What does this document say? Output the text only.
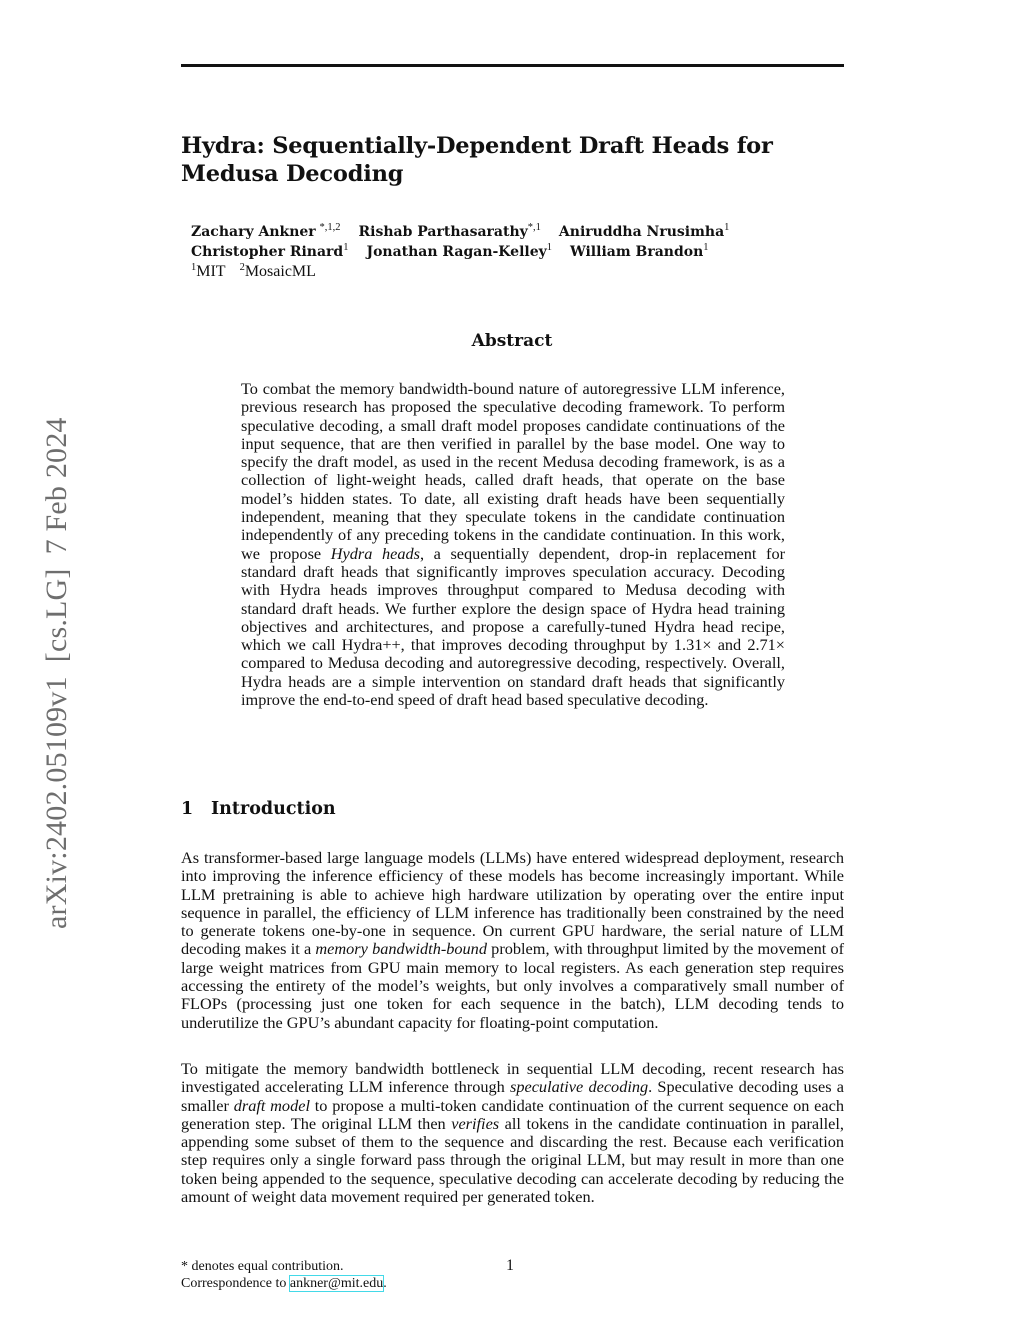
arXiv:2402.05109v1[cs.LG]7 Feb 2024
Hydra: Sequentially-Dependent Draft Heads for Medusa Decoding
Zachary Ankner $^{*,1,2}$ Rishab Parthasarathy$^{*,1}$ Aniruddha Nrusimha$^1$
Christopher Rinard$^1$ Jonathan Ragan-Kelley$^1$ William Brandon$^1$
$^1$MIT $^2$MosaicML
Abstract
To combat the memory bandwidth-bound nature of autoregressive LLM inference, previous research has proposed the speculative decoding framework. To perform speculative decoding, a small draft model proposes candidate continuations of the input sequence, that are then verified in parallel by the base model. One way to specify the draft model, as used in the recent Medusa decoding framework, is as a collection of light-weight heads, called draft heads, that operate on the base model’s hidden states. To date, all existing draft heads have been sequentially independent, meaning that they speculate tokens in the candidate continuation independently of any preceding tokens in the candidate continuation. In this work, we propose Hydra heads, a sequentially dependent, drop-in replacement for standard draft heads that significantly improves speculation accuracy. Decoding with Hydra heads improves throughput compared to Medusa decoding with standard draft heads. We further explore the design space of Hydra head training objectives and architectures, and propose a carefully-tuned Hydra head recipe, which we call Hydra++, that improves decoding throughput by 1.31× and 2.71× compared to Medusa decoding and autoregressive decoding, respectively. Overall, Hydra heads are a simple intervention on standard draft heads that significantly improve the end-to-end speed of draft head based speculative decoding.
1 Introduction
As transformer-based large language models (LLMs) have entered widespread deployment, research into improving the inference efficiency of these models has become increasingly important. While LLM pretraining is able to achieve high hardware utilization by operating over the entire input sequence in parallel, the efficiency of LLM inference has traditionally been constrained by the need to generate tokens one-by-one in sequence. On current GPU hardware, the serial nature of LLM decoding makes it a memory bandwidth-bound problem, with throughput limited by the movement of large weight matrices from GPU main memory to local registers. As each generation step requires accessing the entirety of the model’s weights, but only involves a comparatively small number of FLOPs (processing just one token for each sequence in the batch), LLM decoding tends to underutilize the GPU’s abundant capacity for floating-point computation.
To mitigate the memory bandwidth bottleneck in sequential LLM decoding, recent research has investigated accelerating LLM inference through speculative decoding. Speculative decoding uses a smaller draft model to propose a multi-token candidate continuation of the current sequence on each generation step. The original LLM then verifies all tokens in the candidate continuation in parallel, appending some subset of them to the sequence and discarding the rest. Because each verification step requires only a single forward pass through the original LLM, but may result in more than one token being appended to the sequence, speculative decoding can accelerate decoding by reducing the amount of weight data movement required per generated token.
* denotes equal contribution.
Correspondence to ankner@mit.edu.
1
